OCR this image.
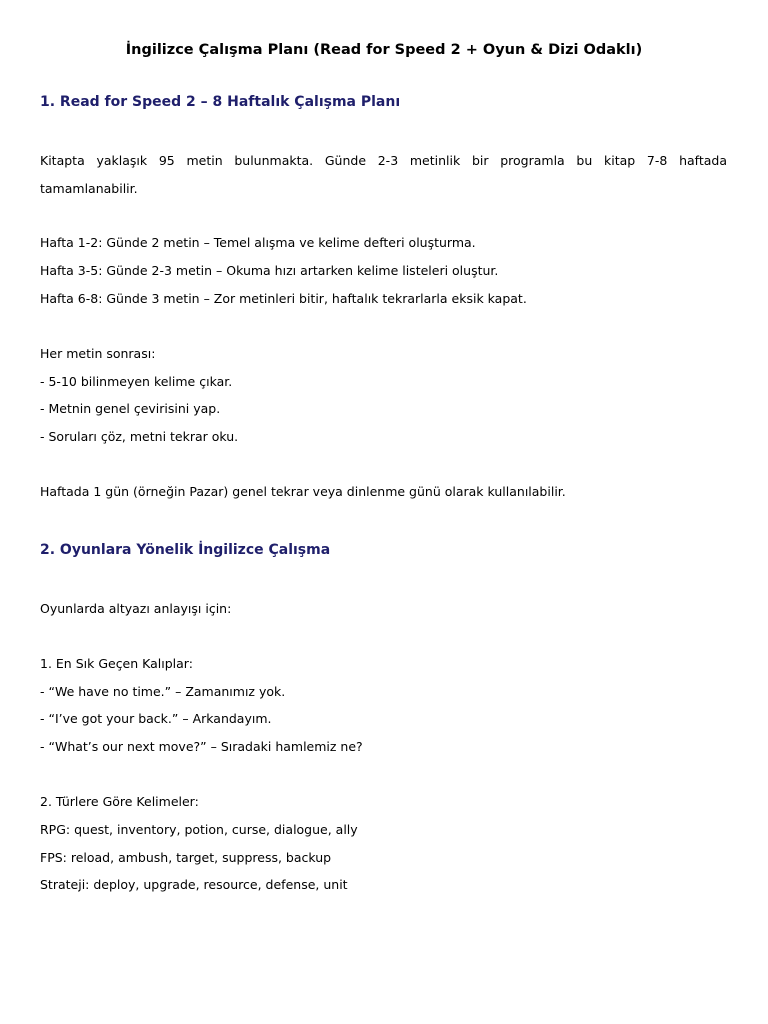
İngilizce Çalışma Planı (Read for Speed 2 + Oyun & Dizi Odaklı)
1. Read for Speed 2 – 8 Haftalık Çalışma Planı

Kitapta yaklaşık 95 metin bulunmakta. Günde 2-3 metinlik bir programla bu kitap 7-8 haftada tamamlanabilir.

Hafta 1-2: Günde 2 metin – Temel alışma ve kelime defteri oluşturma.

Hafta 3-5: Günde 2-3 metin – Okuma hızı artarken kelime listeleri oluştur.

Hafta 6-8: Günde 3 metin – Zor metinleri bitir, haftalık tekrarlarla eksik kapat.

Her metin sonrası:

- 5-10 bilinmeyen kelime çıkar.

- Metnin genel çevirisini yap.

- Soruları çöz, metni tekrar oku.

Haftada 1 gün (örneğin Pazar) genel tekrar veya dinlenme günü olarak kullanılabilir.

2. Oyunlara Yönelik İngilizce Çalışma

Oyunlarda altyazı anlayışı için:

1. En Sık Geçen Kalıplar:

- “We have no time.” – Zamanımız yok.

- “I’ve got your back.” – Arkandayım.

- “What’s our next move?” – Sıradaki hamlemiz ne?

2. Türlere Göre Kelimeler:

RPG: quest, inventory, potion, curse, dialogue, ally

FPS: reload, ambush, target, suppress, backup

Strateji: deploy, upgrade, resource, defense, unit
